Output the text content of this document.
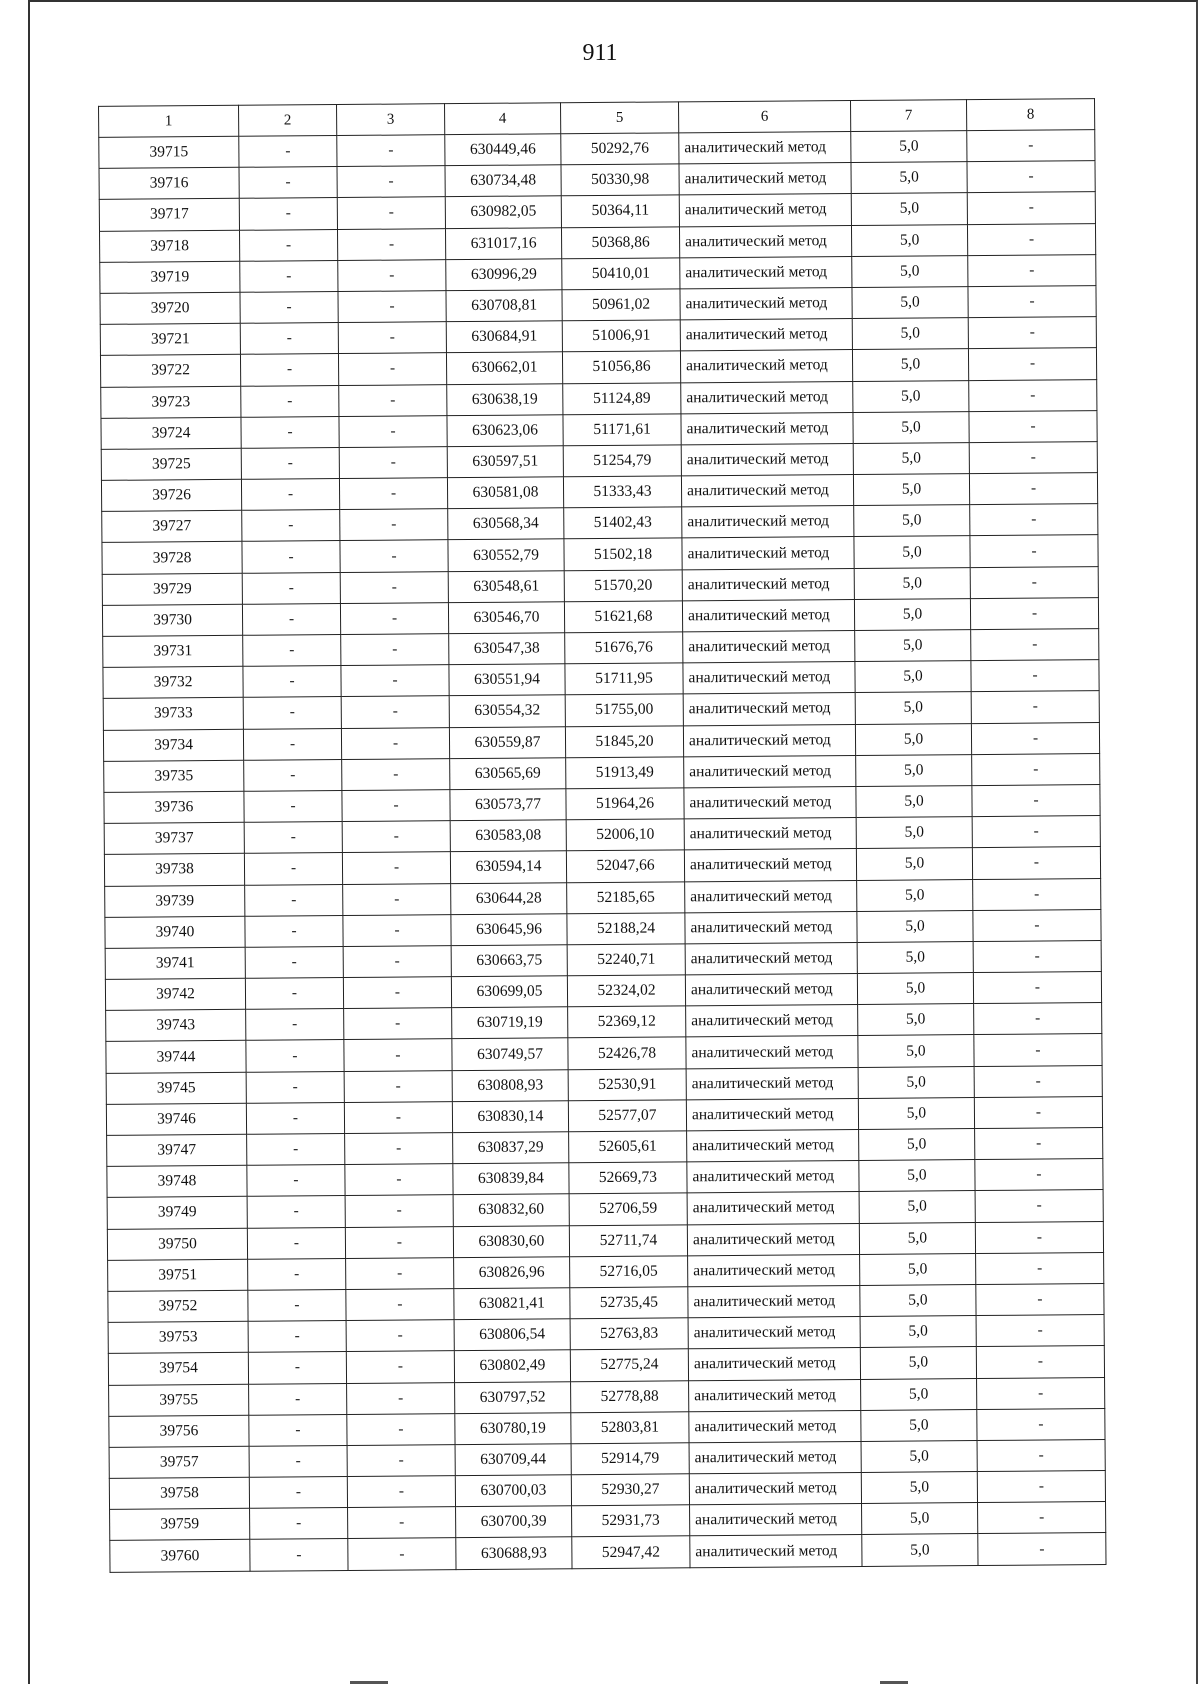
911
1	2	3	4	5	6	7	8
39715	-	-	630449,46	50292,76	аналитический метод	5,0	-
39716	-	-	630734,48	50330,98	аналитический метод	5,0	-
39717	-	-	630982,05	50364,11	аналитический метод	5,0	-
39718	-	-	631017,16	50368,86	аналитический метод	5,0	-
39719	-	-	630996,29	50410,01	аналитический метод	5,0	-
39720	-	-	630708,81	50961,02	аналитический метод	5,0	-
39721	-	-	630684,91	51006,91	аналитический метод	5,0	-
39722	-	-	630662,01	51056,86	аналитический метод	5,0	-
39723	-	-	630638,19	51124,89	аналитический метод	5,0	-
39724	-	-	630623,06	51171,61	аналитический метод	5,0	-
39725	-	-	630597,51	51254,79	аналитический метод	5,0	-
39726	-	-	630581,08	51333,43	аналитический метод	5,0	-
39727	-	-	630568,34	51402,43	аналитический метод	5,0	-
39728	-	-	630552,79	51502,18	аналитический метод	5,0	-
39729	-	-	630548,61	51570,20	аналитический метод	5,0	-
39730	-	-	630546,70	51621,68	аналитический метод	5,0	-
39731	-	-	630547,38	51676,76	аналитический метод	5,0	-
39732	-	-	630551,94	51711,95	аналитический метод	5,0	-
39733	-	-	630554,32	51755,00	аналитический метод	5,0	-
39734	-	-	630559,87	51845,20	аналитический метод	5,0	-
39735	-	-	630565,69	51913,49	аналитический метод	5,0	-
39736	-	-	630573,77	51964,26	аналитический метод	5,0	-
39737	-	-	630583,08	52006,10	аналитический метод	5,0	-
39738	-	-	630594,14	52047,66	аналитический метод	5,0	-
39739	-	-	630644,28	52185,65	аналитический метод	5,0	-
39740	-	-	630645,96	52188,24	аналитический метод	5,0	-
39741	-	-	630663,75	52240,71	аналитический метод	5,0	-
39742	-	-	630699,05	52324,02	аналитический метод	5,0	-
39743	-	-	630719,19	52369,12	аналитический метод	5,0	-
39744	-	-	630749,57	52426,78	аналитический метод	5,0	-
39745	-	-	630808,93	52530,91	аналитический метод	5,0	-
39746	-	-	630830,14	52577,07	аналитический метод	5,0	-
39747	-	-	630837,29	52605,61	аналитический метод	5,0	-
39748	-	-	630839,84	52669,73	аналитический метод	5,0	-
39749	-	-	630832,60	52706,59	аналитический метод	5,0	-
39750	-	-	630830,60	52711,74	аналитический метод	5,0	-
39751	-	-	630826,96	52716,05	аналитический метод	5,0	-
39752	-	-	630821,41	52735,45	аналитический метод	5,0	-
39753	-	-	630806,54	52763,83	аналитический метод	5,0	-
39754	-	-	630802,49	52775,24	аналитический метод	5,0	-
39755	-	-	630797,52	52778,88	аналитический метод	5,0	-
39756	-	-	630780,19	52803,81	аналитический метод	5,0	-
39757	-	-	630709,44	52914,79	аналитический метод	5,0	-
39758	-	-	630700,03	52930,27	аналитический метод	5,0	-
39759	-	-	630700,39	52931,73	аналитический метод	5,0	-
39760	-	-	630688,93	52947,42	аналитический метод	5,0	-
